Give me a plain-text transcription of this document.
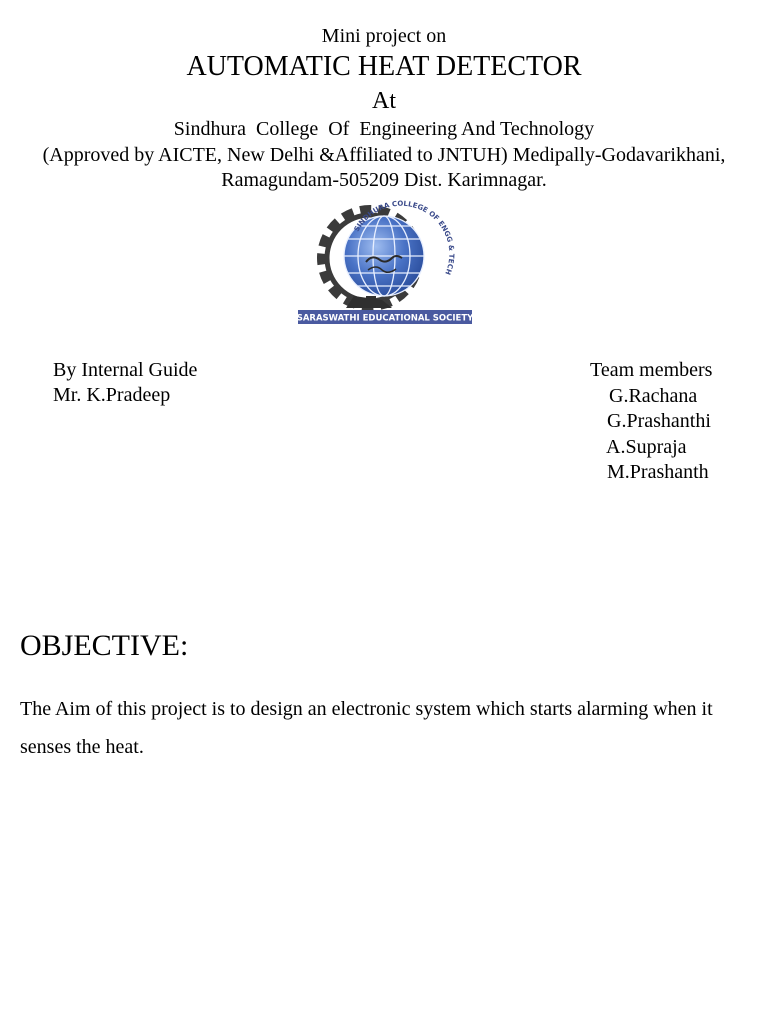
Mini project on
AUTOMATIC HEAT DETECTOR
At
Sindhura  College  Of  Engineering And Technology
(Approved by AICTE, New Delhi &Affiliated to JNTUH) Medipally-Godavarikhani,
Ramagundam-505209 Dist. Karimnagar.
SINDHURA COLLEGE OF ENGG & TECH
SARASWATHI EDUCATIONAL SOCIETY
By Internal Guide
Mr. K.Pradeep
Team members
G.Rachana
G.Prashanthi
A.Supraja
M.Prashanth
OBJECTIVE:
The Aim of this project is to design an electronic system which starts alarming when it senses the heat.
